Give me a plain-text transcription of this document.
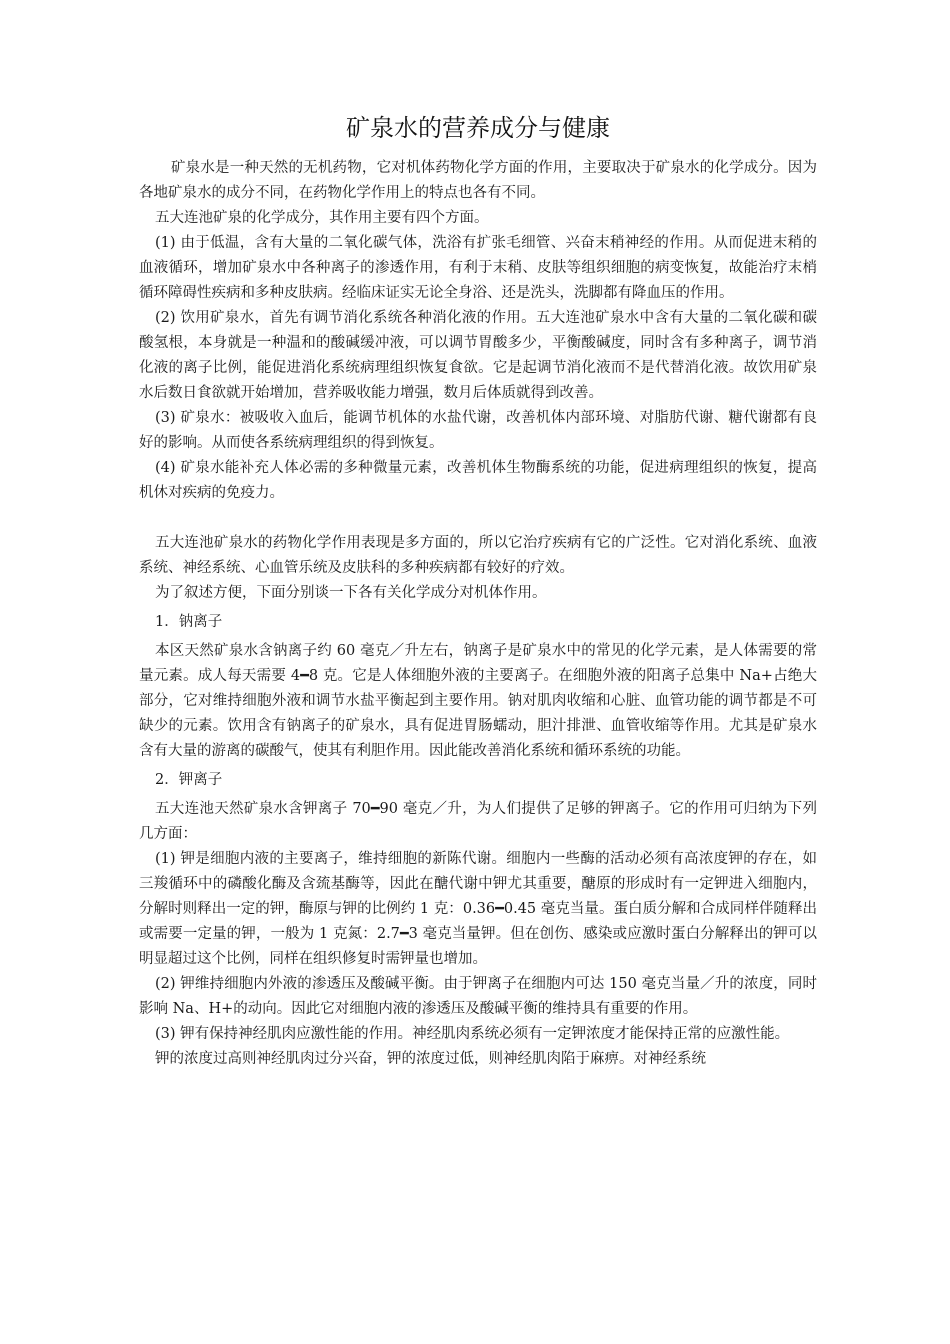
矿泉水的营养成分与健康

矿泉水是一种天然的无机药物，它对机体药物化学方面的作用，主要取决于矿泉水的化学成分。因为各地矿泉水的成分不同，在药物化学作用上的特点也各有不同。

五大连池矿泉的化学成分，其作用主要有四个方面。

(1) 由于低温，含有大量的二氧化碳气体，洗浴有扩张毛细管、兴奋末稍神经的作用。从而促进末稍的血液循环，增加矿泉水中各种离子的渗透作用，有利于末稍、皮肤等组织细胞的病变恢复，故能治疗末梢循环障碍性疾病和多种皮肤病。经临床证实无论全身浴、还是洗头，洗脚都有降血压的作用。

(2) 饮用矿泉水，首先有调节消化系统各种消化液的作用。五大连池矿泉水中含有大量的二氧化碳和碳酸氢根，本身就是一种温和的酸碱缓冲液，可以调节胃酸多少，平衡酸碱度，同时含有多种离子，调节消化液的离子比例，能促进消化系统病理组织恢复食欲。它是起调节消化液而不是代替消化液。故饮用矿泉水后数日食欲就开始增加，营养吸收能力增强，数月后体质就得到改善。

(3) 矿泉水：被吸收入血后，能调节机体的水盐代谢，改善机体内部环境、对脂肪代谢、糖代谢都有良好的影响。从而使各系统病理组织的得到恢复。

(4) 矿泉水能补充人体必需的多种微量元素，改善机体生物酶系统的功能，促进病理组织的恢复，提高机休对疾病的免疫力。

五大连池矿泉水的药物化学作用表现是多方面的，所以它治疗疾病有它的广泛性。它对消化系统、血液系统、神经系统、心血管乐统及皮肤科的多种疾病都有较好的疗效。

为了叙述方便，下面分别谈一下各有关化学成分对机体作用。

1．钠离子

本区天然矿泉水含钠离子约 60 毫克／升左右，钠离子是矿泉水中的常见的化学元素，是人体需要的常量元素。成人每天需要 4━8 克。它是人体细胞外液的主要离子。在细胞外液的阳离子总集中 Na+占绝大部分，它对维持细胞外液和调节水盐平衡起到主要作用。钠对肌肉收缩和心脏、血管功能的调节都是不可缺少的元素。饮用含有钠离子的矿泉水，具有促进胃肠蠕动，胆汁排泄、血管收缩等作用。尤其是矿泉水含有大量的游离的碳酸气，使其有利胆作用。因此能改善消化系统和循环系统的功能。

2．钾离子

五大连池天然矿泉水含钾离子 70━90 毫克／升，为人们提供了足够的钾离子。它的作用可归纳为下列几方面：

(1) 钾是细胞内液的主要离子，维持细胞的新陈代谢。细胞内一些酶的活动必须有高浓度钾的存在，如三羧循环中的磷酸化酶及含巯基酶等，因此在醣代谢中钾尤其重要，醣原的形成时有一定钾进入细胞内，分解时则释出一定的钾，酶原与钾的比例约 1 克：0.36━0.45 毫克当量。蛋白质分解和合成同样伴随释出或需要一定量的钾，一般为 1 克氮：2.7━3 毫克当量钾。但在创伤、感染或应激时蛋白分解释出的钾可以明显超过这个比例，同样在组织修复时需钾量也增加。

(2) 钾维持细胞内外液的渗透压及酸碱平衡。由于钾离子在细胞内可达 150 毫克当量／升的浓度，同时影响 Na、H+的动向。因此它对细胞内液的渗透压及酸碱平衡的维持具有重要的作用。

(3) 钾有保持神经肌肉应激性能的作用。神经肌肉系统必须有一定钾浓度才能保持正常的应激性能。

钾的浓度过高则神经肌肉过分兴奋，钾的浓度过低，则神经肌肉陷于麻痹。对神经系统
